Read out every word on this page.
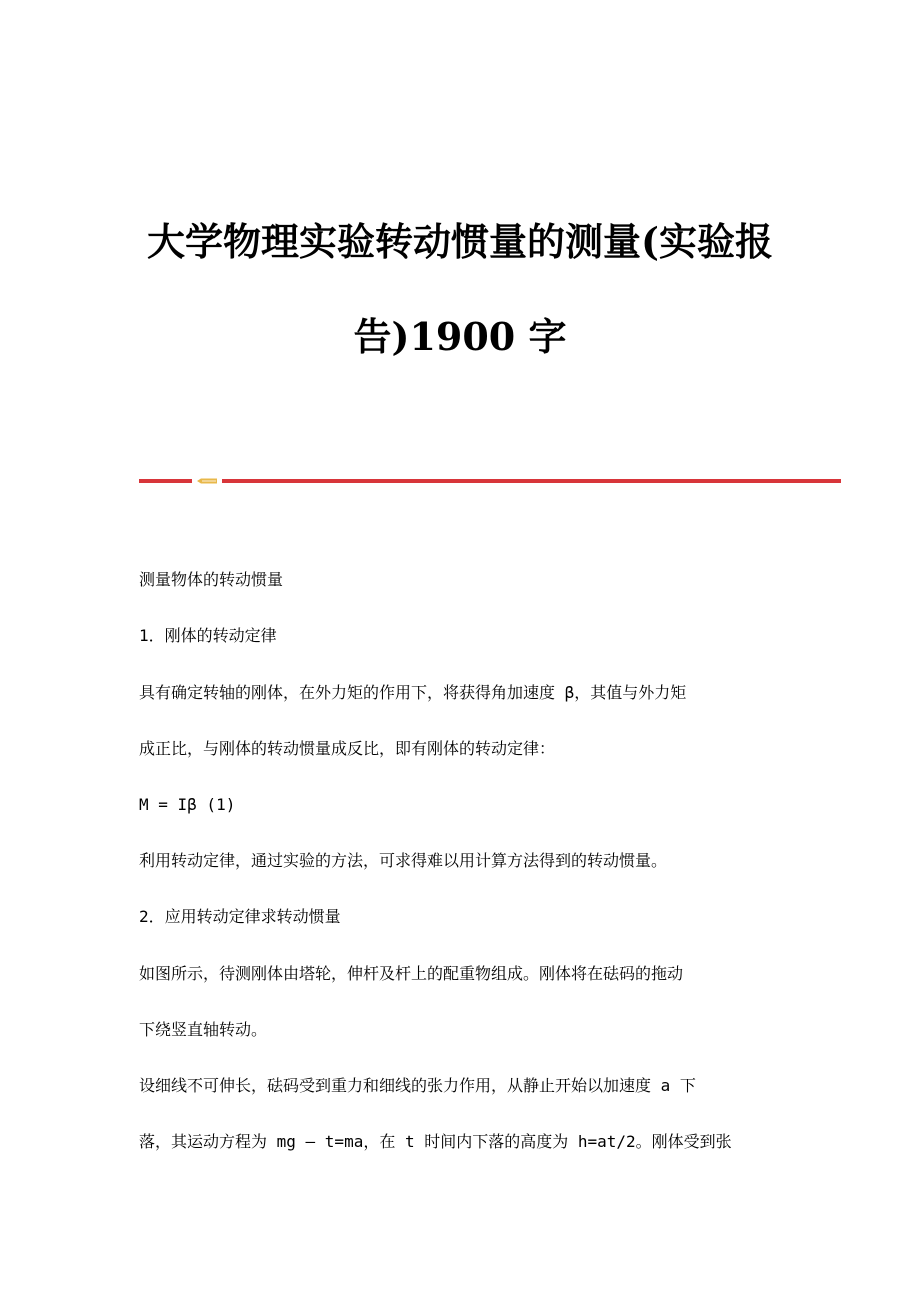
大学物理实验转动惯量的测量(实验报
告)1900 字

测量物体的转动惯量

1．刚体的转动定律

具有确定转轴的刚体，在外力矩的作用下，将获得角加速度 β，其值与外力矩

成正比，与刚体的转动惯量成反比，即有刚体的转动定律：

M = Iβ (1)

利用转动定律，通过实验的方法，可求得难以用计算方法得到的转动惯量。

2．应用转动定律求转动惯量

如图所示，待测刚体由塔轮，伸杆及杆上的配重物组成。刚体将在砝码的拖动

下绕竖直轴转动。

设细线不可伸长，砝码受到重力和细线的张力作用，从静止开始以加速度 a 下

落，其运动方程为 mg – t=ma，在 t 时间内下落的高度为 h=at/2。刚体受到张
